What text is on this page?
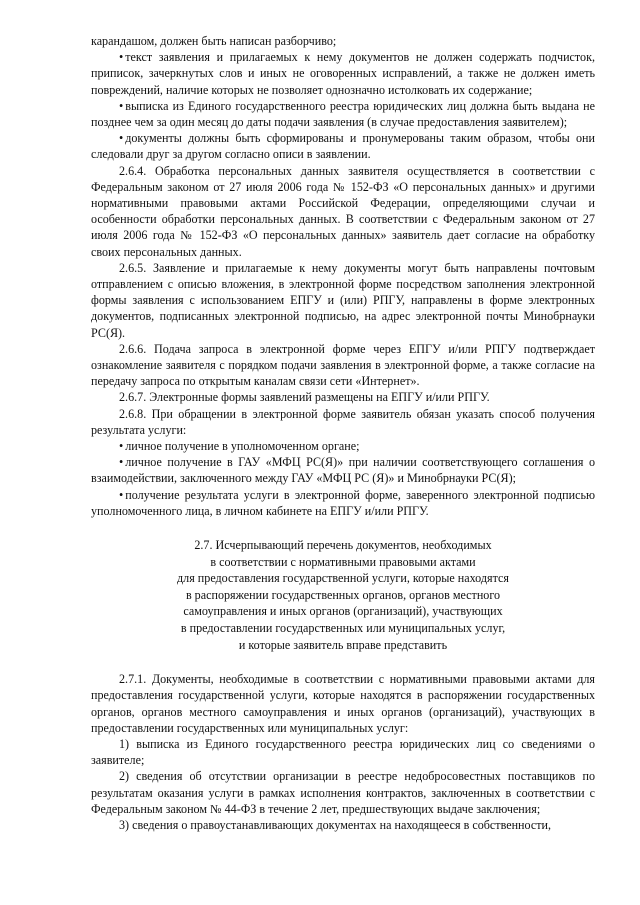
карандашом, должен быть написан разборчиво;

• текст заявления и прилагаемых к нему документов не должен содержать подчисток, приписок, зачеркнутых слов и иных не оговоренных исправлений, а также не должен иметь повреждений, наличие которых не позволяет однозначно истолковать их содержание;

• выписка из Единого государственного реестра юридических лиц должна быть выдана не позднее чем за один месяц до даты подачи заявления (в случае предоставления заявителем);

• документы должны быть сформированы и пронумерованы таким образом, чтобы они следовали друг за другом согласно описи в заявлении.

2.6.4. Обработка персональных данных заявителя осуществляется в соответствии с Федеральным законом от 27 июля 2006 года № 152-ФЗ «О персональных данных» и другими нормативными правовыми актами Российской Федерации, определяющими случаи и особенности обработки персональных данных. В соответствии с Федеральным законом от 27 июля 2006 года № 152-ФЗ «О персональных данных» заявитель дает согласие на обработку своих персональных данных.

2.6.5. Заявление и прилагаемые к нему документы могут быть направлены почтовым отправлением с описью вложения, в электронной форме посредством заполнения электронной формы заявления с использованием ЕПГУ и (или) РПГУ, направлены в форме электронных документов, подписанных электронной подписью, на адрес электронной почты Минобрнауки РС(Я).

2.6.6. Подача запроса в электронной форме через ЕПГУ и/или РПГУ подтверждает ознакомление заявителя с порядком подачи заявления в электронной форме, а также согласие на передачу запроса по открытым каналам связи сети «Интернет».

2.6.7. Электронные формы заявлений размещены на ЕПГУ и/или РПГУ.

2.6.8. При обращении в электронной форме заявитель обязан указать способ получения результата услуги:

• личное получение в уполномоченном органе;

• личное получение в ГАУ «МФЦ РС(Я)» при наличии соответствующего соглашения о взаимодействии, заключенного между ГАУ «МФЦ РС (Я)» и Минобрнауки РС(Я);

• получение результата услуги в электронной форме, заверенного электронной подписью уполномоченного лица, в личном кабинете на ЕПГУ и/или РПГУ.

2.7. Исчерпывающий перечень документов, необходимых
в соответствии с нормативными правовыми актами
для предоставления государственной услуги, которые находятся
в распоряжении государственных органов, органов местного
самоуправления и иных органов (организаций), участвующих
в предоставлении государственных или муниципальных услуг,
и которые заявитель вправе представить

2.7.1. Документы, необходимые в соответствии с нормативными правовыми актами для предоставления государственной услуги, которые находятся в распоряжении государственных органов, органов местного самоуправления и иных органов (организаций), участвующих в предоставлении государственных или муниципальных услуг:

1) выписка из Единого государственного реестра юридических лиц со сведениями о заявителе;

2) сведения об отсутствии организации в реестре недобросовестных поставщиков по результатам оказания услуги в рамках исполнения контрактов, заключенных в соответствии с Федеральным законом № 44-ФЗ в течение 2 лет, предшествующих выдаче заключения;

3) сведения о правоустанавливающих документах на находящееся в собственности,
